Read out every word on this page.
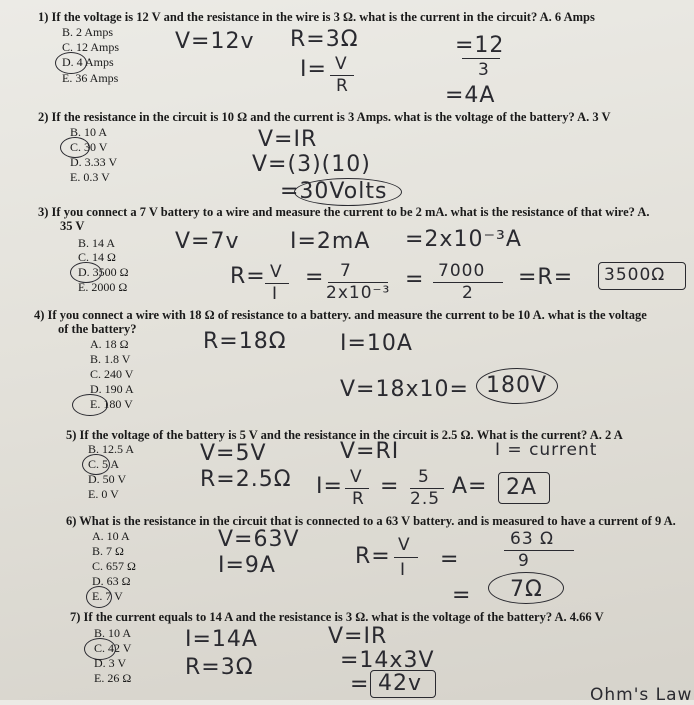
1) If the voltage is 12 V and the resistance in the wire is 3 Ω. what is the current in the circuit? A. 6 Amps
B. 2 Amps
C. 12 Amps
D. 4 Amps
E. 36 Amps
V=12v R=3Ω
I= V
R
=12
3
=4A
2) If the resistance in the circuit is 10 Ω and the current is 3 Amps. what is the voltage of the battery? A. 3 V
B. 10 A
C. 30 V
D. 3.33 V
E. 0.3 V
V=IR
V=(3)(10)
=30Volts
3) If you connect a 7 V battery to a wire and measure the current to be 2 mA. what is the resistance of that wire? A.
35 V
B. 14 A
C. 14 Ω
D. 3500 Ω
E. 2000 Ω
V=7v I=2mA =2x10⁻³A
R= V
I
= 7
2x10⁻³
= 7000
2
=R= 3500Ω
4) If you connect a wire with 18 Ω of resistance to a battery. and measure the current to be 10 A. what is the voltage
of the battery?
A. 18 Ω
B. 1.8 V
C. 240 V
D. 190 A
E. 180 V
R=18Ω I=10A
V=18x10= 180V
5) If the voltage of the battery is 5 V and the resistance in the circuit is 2.5 Ω. What is the current? A. 2 A
B. 12.5 A
C. 5 A
D. 50 V
E. 0 V
V=5V
R=2.5Ω
V=RI	I = current
I= V
R = 5
2.5 A= 2A
6) What is the resistance in the circuit that is connected to a 63 V battery. and is measured to have a current of 9 A.
A. 10 A
B. 7 Ω
C. 657 Ω
D. 63 Ω
E. 7 V
V=63V
I=9A	R= V
I =
63 Ω
9
= 7Ω
7) If the current equals to 14 A and the resistance is 3 Ω. what is the voltage of the battery? A. 4.66 V
B. 10 A
C. 42 V
D. 3 V
E. 26 Ω
I=14A
R=3Ω
V=IR
=14x3V
= 42v	Ohm's Law
